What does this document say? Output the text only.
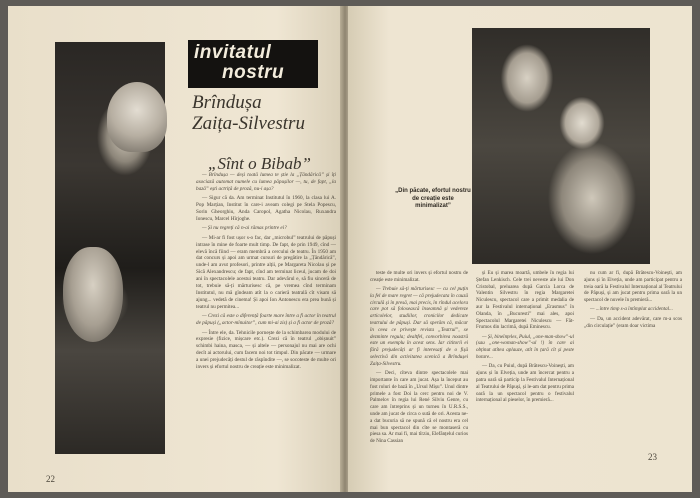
invitatul
nostru
Brîndușa
Zaița-Silvestru
„Sînt o Bibab”

— Brîndușa — deși toată lumea te știe la „Țăndărică” și îți asociază automat numele cu lumea păpușilor —, tu, de fapt, „la bază” ești actriță de proză, nu-i așa?

— Sigur că da. Am terminat Institutul în 1960, la clasa lui A. Pop Marțian, Institut în care-i aveam colegi pe Stela Popescu, Sorin Gheorghiu, Anda Caropol, Agatha Nicolau, Ruxandra Ionescu, Marcel Hîrjoghe.

— Și nu regreți că n-ai rămas printre ei?

— Mi-ar fi fost ușor s-o fac, dar „microbul” teatrului de păpuși intrase în mine de foarte mult timp. De fapt, de prin 1949, cînd — elevă încă fiind — eram membră a cercului de teatru. În 1950 am dat concurs și apoi am urmat cursuri de pregătire la „Țăndărică”, unde-l am avut profesori, printre alții, pe Margareta Nicolau și pe Sică Alexandrescu; de fapt, cînd am terminat liceul, jucam de doi ani în spectacolele acestui teatru. Dar adevărul e, să fiu sinceră de tot, trebuie să-ți mărturisesc că, pe vremea cînd terminam Institutul, nu mă gîndeam atît la o carieră teatrală cît visam să ajung... vedetă de cinema! Și apoi Ion Antonescu era prea bună și teatrul nu permitea...

— Crezi că este o diferență foarte mare între a fi actor în teatrul de păpuși („actor-mînuitor”, cum mi-ai zis) și a fi actor de proză?

— Între ele, da. Tehnicile pornește de la schimbarea modului de expresie (fizice, mișcare etc.). Crezi că în teatrul „obișnuit” schimbi haina, masca, — și altele — personajul nu mai are ochi decît ai actorului, cum facem noi tot timpul. Din păcate — urmare a unei prejudecăți destul de răspîndite —, se socoteste de multe ori invers și efortul nostru de creație este minimalizat.

22
„Din păcate, efortul nostru de creație este minimalizat”

teste de multe ori invers și efortul nostru de creație este minimalizat.

— Trebuie să-ți mărturisesc — cu cel puțin la fel de mare regret — că prejudecata în cauză circulă și în presă, mai precis, în rîndul acelora care pot să folosească înseamnă și vedereze articolelor, studiilor, cronicilor dedicate teatrului de păpuși. Dar să sperăm că, măcar în ceea ce privește revista „Teatrul”, se dezminte regula; dealtfel, convorbirea noastră este un exemplu în acest sens. Iar cititorii ei fără prejudecăți ar fi interesați de o fișă selectivă din activitatea scenică a Brîndușei Zaița-Silvestru.

— Deci, cîteva dintre spectacolele mai importante în care am jucat. Așa la început au fost roluri de bază în „Ursul Mișu”. Unul dintre primele a fost Doi la cerc pentru noi de V. Palmelov în regia lui René Silviu Genre, cu care am întreprins și un turneu în U.R.S.S., unde am jucat de circa o sută de ori. Acesta ne-a dat bucuria să ne spună că el nostru era cel mai bun spectacol din cîte se montaseră cu piesa sa. Ar mai fi, mai tîrziu, Elefănțelul curios de Nina Cassian

și Eu și marea moartă, umbele în regia lui Ștefan Lenkisch. Cele trei neveste ale lui Don Cristobal, preluarea după García Lorca de Valentin Silvestru în regia Margaretei Niculescu, spectacol care a primit medalia de aur la Festivalul internațional „Erasmus” în Olanda, în „Bucuresti” mai ales, apoi Spectacolul Margaretei Niculescu — Făt-Frumos din lacrimă, după Eminescu.

— Și, bineînțeles, Puiul, „one-man-show”-ul (sau „one-woman-show”-ul !) în care ai obținut atîtea aplauze, atît în țară cît și peste hotare...

— Da, cu Puiul, după Brătescu-Voinești, am ajuns și în Elveția, unde am încercat pentru a patra oară să particip la Festivalul Internațional al Teatrului de Păpuși, și le-am dat pentru prima oară la un spectacol pentru o festivalul internațional al pieselor, în premieră...

nu cum ar fi, după Brătescu-Voinești, am ajuns și în Elveția, unde am participat pentru a treia oară la Festivalul Internațional al Teatrului de Păpuși, și am jucat pentru prima oară la un spectacol de nuvele în premieră...

— ...între timp s-a întîmplat accidental...

— Da, un accident adevărat, care m-a scos „din circulație” (eram doar victima

23
